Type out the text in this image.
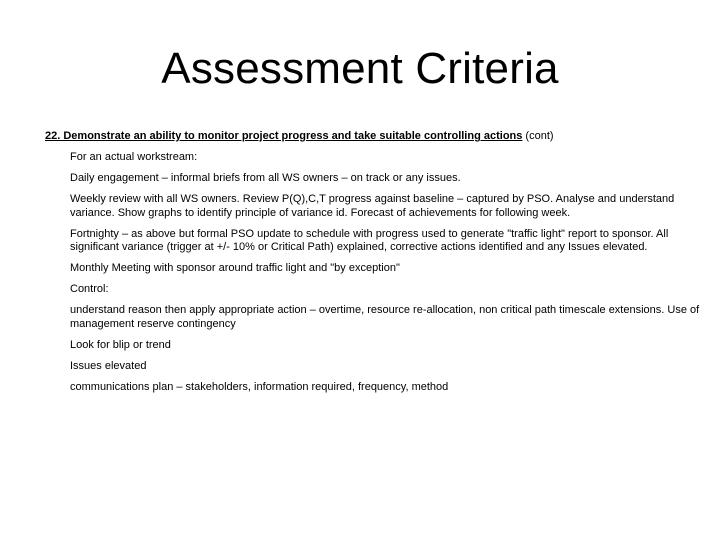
Assessment Criteria

22. Demonstrate an ability to monitor project progress and take suitable controlling actions (cont)

For an actual workstream:
Daily engagement – informal briefs from all WS owners – on track or any issues.
Weekly review with all WS owners. Review P(Q),C,T progress against baseline – captured by PSO. Analyse and understand variance. Show graphs to identify principle of variance id. Forecast of achievements for following week.
Fortnighty – as above but formal PSO update to schedule with progress used to generate "traffic light" report to sponsor. All significant variance (trigger at +/- 10% or Critical Path) explained, corrective actions identified and any Issues elevated.
Monthly Meeting with sponsor around traffic light and "by exception"
Control:
understand reason then apply appropriate action – overtime, resource re-allocation, non critical path timescale extensions. Use of management reserve contingency
Look for blip or trend
Issues elevated
communications plan – stakeholders, information required, frequency, method
